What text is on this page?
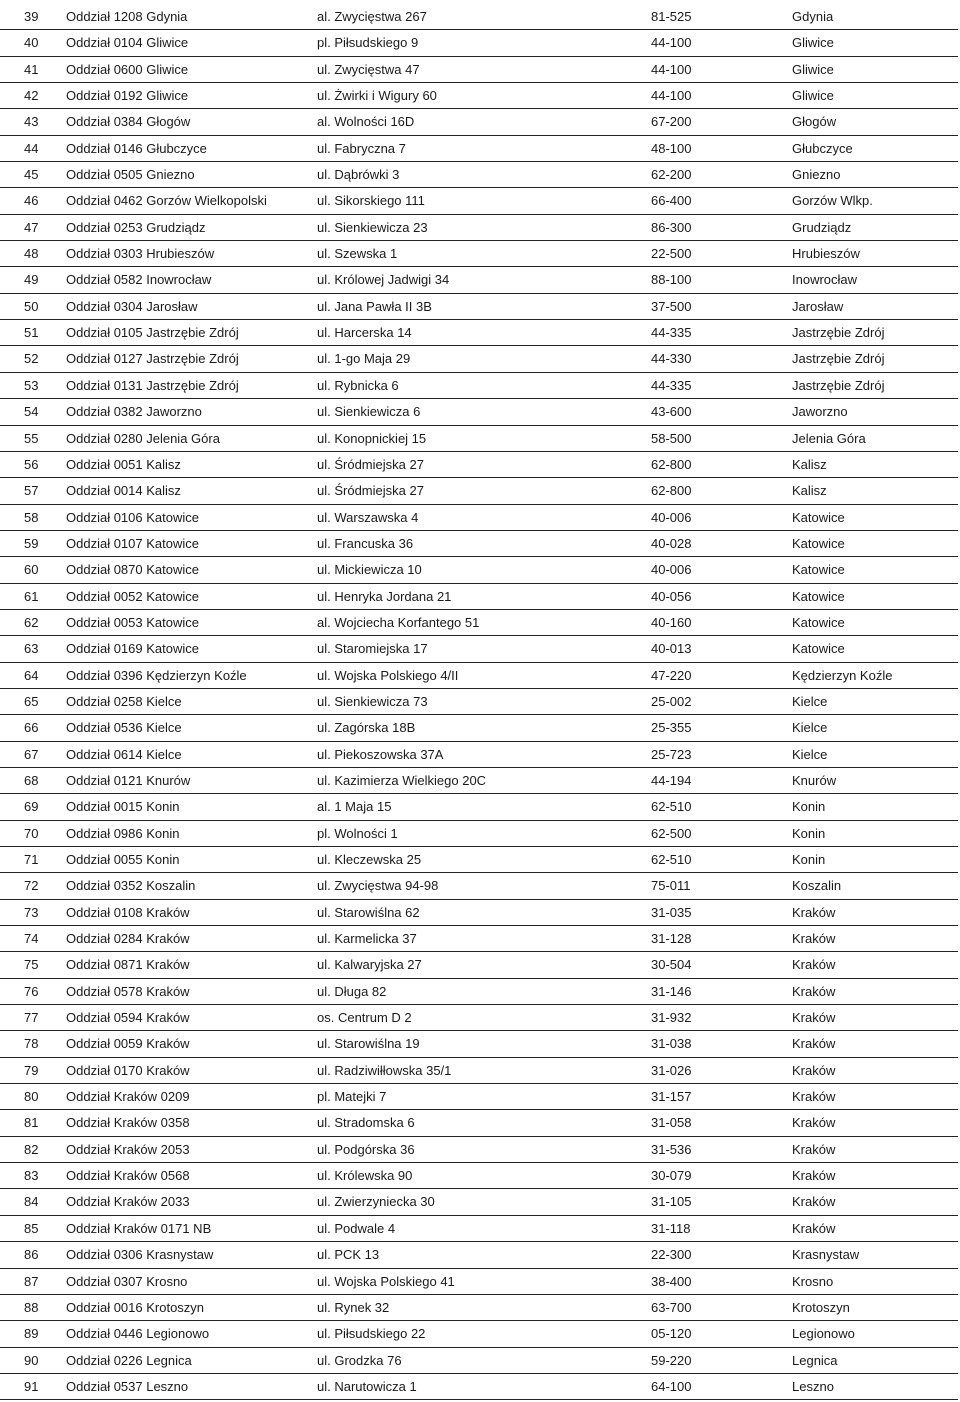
39 Oddział 1208 Gdynia	al. Zwycięstwa 267	81-525	Gdynia
40 Oddział 0104 Gliwice	pl. Piłsudskiego 9	44-100	Gliwice
41 Oddział 0600 Gliwice	ul. Zwycięstwa 47	44-100	Gliwice
42 Oddział 0192 Gliwice	ul. Żwirki i Wigury 60	44-100	Gliwice
43 Oddział 0384 Głogów	al. Wolności 16D	67-200	Głogów
44 Oddział 0146 Głubczyce	ul. Fabryczna 7	48-100	Głubczyce
45 Oddział 0505 Gniezno	ul. Dąbrówki 3	62-200	Gniezno
46 Oddział 0462 Gorzów Wielkopolski	ul. Sikorskiego 111	66-400	Gorzów Wlkp.
47 Oddział 0253 Grudziądz	ul. Sienkiewicza 23	86-300	Grudziądz
48 Oddział 0303 Hrubieszów	ul. Szewska 1	22-500	Hrubieszów
49 Oddział 0582 Inowrocław	ul. Królowej Jadwigi 34	88-100	Inowrocław
50 Oddział 0304 Jarosław	ul. Jana Pawła II 3B	37-500	Jarosław
51 Oddział 0105 Jastrzębie Zdrój	ul. Harcerska 14	44-335	Jastrzębie Zdrój
52 Oddział 0127 Jastrzębie Zdrój	ul. 1-go Maja 29	44-330	Jastrzębie Zdrój
53 Oddział 0131 Jastrzębie Zdrój	ul. Rybnicka 6	44-335	Jastrzębie Zdrój
54 Oddział 0382 Jaworzno	ul. Sienkiewicza 6	43-600	Jaworzno
55 Oddział 0280 Jelenia Góra	ul. Konopnickiej 15	58-500	Jelenia Góra
56 Oddział 0051 Kalisz	ul. Śródmiejska 27	62-800	Kalisz
57 Oddział 0014 Kalisz	ul. Śródmiejska 27	62-800	Kalisz
58 Oddział 0106 Katowice	ul. Warszawska 4	40-006	Katowice
59 Oddział 0107 Katowice	ul. Francuska 36	40-028	Katowice
60 Oddział 0870 Katowice	ul. Mickiewicza 10	40-006	Katowice
61 Oddział 0052 Katowice	ul. Henryka Jordana 21	40-056	Katowice
62 Oddział 0053 Katowice	al. Wojciecha Korfantego 51	40-160	Katowice
63 Oddział 0169 Katowice	ul. Staromiejska 17	40-013	Katowice
64 Oddział 0396 Kędzierzyn Koźle	ul. Wojska Polskiego 4/II	47-220	Kędzierzyn Koźle
65 Oddział 0258 Kielce	ul. Sienkiewicza 73	25-002	Kielce
66 Oddział 0536 Kielce	ul. Zagórska 18B	25-355	Kielce
67 Oddział 0614 Kielce	ul. Piekoszowska 37A	25-723	Kielce
68 Oddział 0121 Knurów	ul. Kazimierza Wielkiego 20C	44-194	Knurów
69 Oddział 0015 Konin	al. 1 Maja 15	62-510	Konin
70 Oddział 0986 Konin	pl. Wolności 1	62-500	Konin
71 Oddział 0055 Konin	ul. Kleczewska 25	62-510	Konin
72 Oddział 0352 Koszalin	ul. Zwycięstwa 94-98	75-011	Koszalin
73 Oddział 0108 Kraków	ul. Starowiślna 62	31-035	Kraków
74 Oddział 0284 Kraków	ul. Karmelicka 37	31-128	Kraków
75 Oddział 0871 Kraków	ul. Kalwaryjska 27	30-504	Kraków
76 Oddział 0578 Kraków	ul. Długa 82	31-146	Kraków
77 Oddział 0594 Kraków	os. Centrum D 2	31-932	Kraków
78 Oddział 0059 Kraków	ul. Starowiślna 19	31-038	Kraków
79 Oddział 0170 Kraków	ul. Radziwiłłowska 35/1	31-026	Kraków
80 Oddział Kraków 0209	pl. Matejki 7	31-157	Kraków
81 Oddział Kraków 0358	ul. Stradomska 6	31-058	Kraków
82 Oddział Kraków 2053	ul. Podgórska 36	31-536	Kraków
83 Oddział Kraków 0568	ul. Królewska 90	30-079	Kraków
84 Oddział Kraków 2033	ul. Zwierzyniecka 30	31-105	Kraków
85 Oddział Kraków 0171 NB	ul. Podwale 4	31-118	Kraków
86 Oddział 0306 Krasnystaw	ul. PCK 13	22-300	Krasnystaw
87 Oddział 0307 Krosno	ul. Wojska Polskiego 41	38-400	Krosno
88 Oddział 0016 Krotoszyn	ul. Rynek 32	63-700	Krotoszyn
89 Oddział 0446 Legionowo	ul. Piłsudskiego 22	05-120	Legionowo
90 Oddział 0226 Legnica	ul. Grodzka 76	59-220	Legnica
91 Oddział 0537 Leszno	ul. Narutowicza 1	64-100	Leszno
